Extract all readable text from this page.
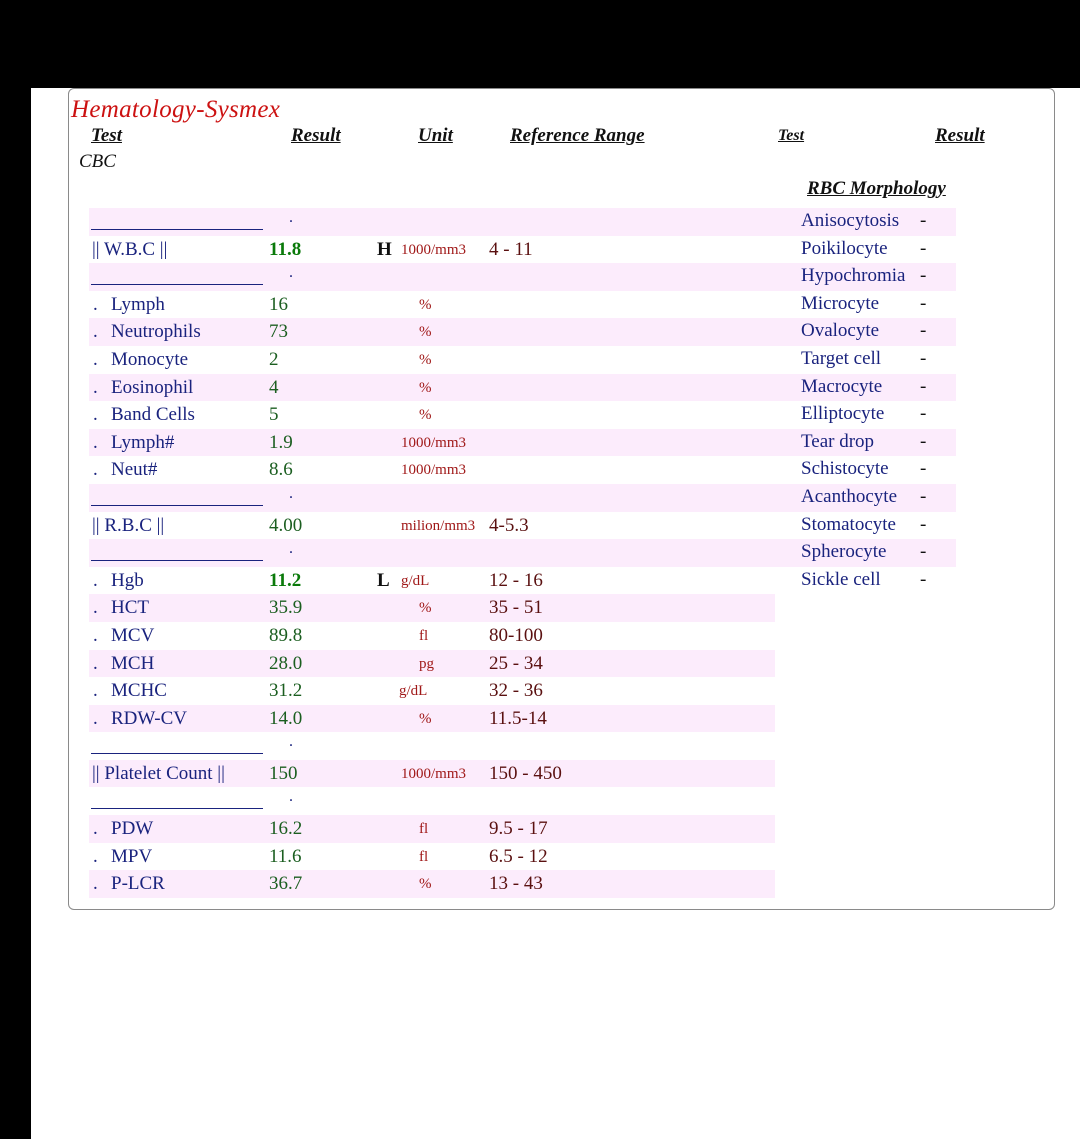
Hematology-Sysmex
Test	Result	Unit	Reference Range	Test	Result
CBC
RBC Morphology
.
|| W.B.C ||	11.8	H 1000/mm3 4 - 11
.
. Lymph	16	%
. Neutrophils	73	%
. Monocyte	2	%
. Eosinophil	4	%
. Band Cells	5	%
. Lymph#	1.9	1000/mm3
. Neut#	8.6	1000/mm3
.
|| R.B.C ||	4.00	milion/mm3 4-5.3
.
. Hgb	11.2	L g/dL	12 - 16
. HCT	35.9	%	35 - 51
. MCV	89.8	fl	80-100
. MCH	28.0	pg	25 - 34
. MCHC	31.2	g/dL	32 - 36
. RDW-CV	14.0	%	11.5-14
.
|| Platelet Count || 150	1000/mm3 150 - 450
.
. PDW	16.2	fl	9.5 - 17
. MPV	11.6	fl	6.5 - 12
. P-LCR	36.7	%	13 - 43
Anisocytosis -
Poikilocyte -
Hypochromia -
Microcyte -
Ovalocyte -
Target cell -
Macrocyte -
Elliptocyte -
Tear drop -
Schistocyte -
Acanthocyte -
Stomatocyte -
Spherocyte -
Sickle cell -
